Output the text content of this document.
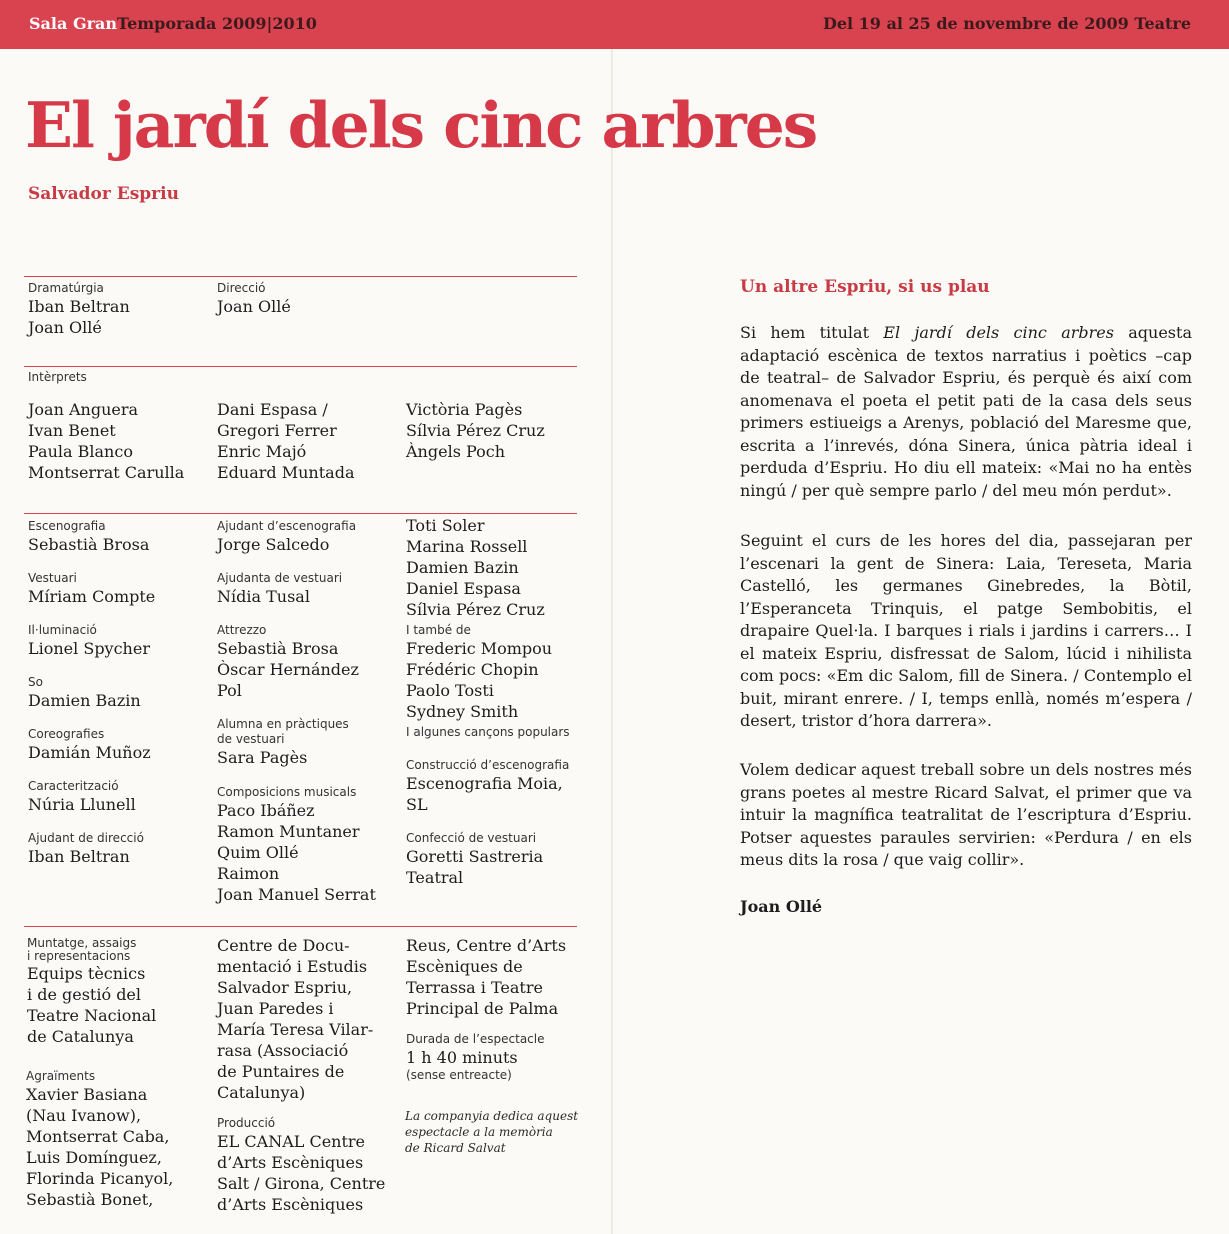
Sala Gran Temporada 2009|2010	Del 19 al 25 de novembre de 2009 Teatre
El jardí dels cinc arbres
Salvador Espriu
Dramatúrgia
Iban Beltran
Joan Ollé
Direcció
Joan Ollé
Intèrprets
Joan Anguera
Ivan Benet
Paula Blanco
Montserrat Carulla
Dani Espasa /
Gregori Ferrer
Enric Majó
Eduard Muntada
Victòria Pagès
Sílvia Pérez Cruz
Àngels Poch
Escenografia
Sebastià Brosa
Vestuari
Míriam Compte
Il·luminació
Lionel Spycher
So
Damien Bazin
Coreografies
Damián Muñoz
Caracterització
Núria Llunell
Ajudant de direcció
Iban Beltran
Ajudant d’escenografia
Jorge Salcedo
Ajudanta de vestuari
Nídia Tusal
Attrezzo
Sebastià Brosa
Òscar Hernández
Pol
Alumna en pràctiques
de vestuari
Sara Pagès
Composicions musicals
Paco Ibáñez
Ramon Muntaner
Quim Ollé
Raimon
Joan Manuel Serrat
Toti Soler
Marina Rossell
Damien Bazin
Daniel Espasa
Sílvia Pérez Cruz
I també de
Frederic Mompou
Frédéric Chopin
Paolo Tosti
Sydney Smith
I algunes cançons populars
Construcció d’escenografia
Escenografia Moia,
SL
Confecció de vestuari
Goretti Sastreria
Teatral
Muntatge, assaigs
i representacions
Equips tècnics
i de gestió del
Teatre Nacional
de Catalunya
Agraïments
Xavier Basiana
(Nau Ivanow),
Montserrat Caba,
Luis Domínguez,
Florinda Picanyol,
Sebastià Bonet,
Centre de Docu-
mentació i Estudis
Salvador Espriu,
Juan Paredes i
María Teresa Vilar-
rasa (Associació
de Puntaires de
Catalunya)
Producció
EL CANAL Centre
d’Arts Escèniques
Salt / Girona, Centre
d’Arts Escèniques
Reus, Centre d’Arts
Escèniques de
Terrassa i Teatre
Principal de Palma
Durada de l’espectacle
1 h 40 minuts
(sense entreacte)
La companyia dedica aquest
espectacle a la memòria
de Ricard Salvat
Un altre Espriu, si us plau
Si hem titulat El jardí dels cinc arbres aquesta adaptació escènica de textos narratius i poètics –cap de teatral– de Salvador Espriu, és perquè és així com anomenava el poeta el petit pati de la casa dels seus primers estiueigs a Arenys, població del Maresme que, escrita a l’inrevés, dóna Sinera, única pàtria ideal i perduda d’Espriu. Ho diu ell mateix: «Mai no ha entès ningú / per què sempre parlo / del meu món perdut».
Seguint el curs de les hores del dia, passejaran per l’escenari la gent de Sinera: Laia, Tereseta, Maria Castelló, les germanes Ginebredes, la Bòtil, l’Esperanceta Trinquis, el patge Sembobitis, el drapaire Quel·la. I barques i rials i jardins i carrers… I el mateix Espriu, disfressat de Salom, lúcid i nihilista com pocs: «Em dic Salom, fill de Sinera. / Contemplo el buit, mirant enrere. / I, temps enllà, només m’espera / desert, tristor d’hora darrera».
Volem dedicar aquest treball sobre un dels nostres més grans poetes al mestre Ricard Salvat, el primer que va intuir la magnífica teatralitat de l’escriptura d’Espriu. Potser aquestes paraules servirien: «Perdura / en els meus dits la rosa / que vaig collir».
Joan Ollé
